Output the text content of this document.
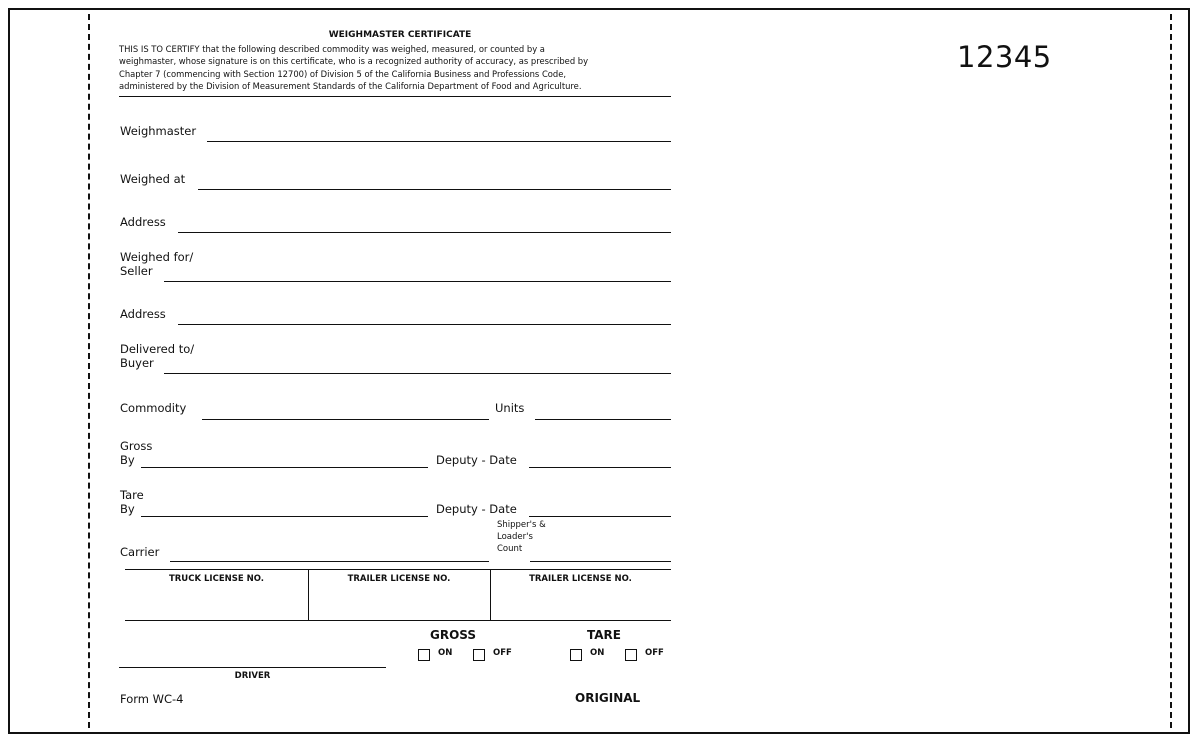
WEIGHMASTER CERTIFICATE
THIS IS TO CERTIFY that the following described commodity was weighed, measured, or counted by a
weighmaster, whose signature is on this certificate, who is a recognized authority of accuracy, as prescribed by
Chapter 7 (commencing with Section 12700) of Division 5 of the California Business and Professions Code,
administered by the Division of Measurement Standards of the California Department of Food and Agriculture.
12345
Weighmaster
Weighed at
Address
Weighed for/
Seller
Address
Delivered to/
Buyer
Commodity	Units
Gross
By	Deputy - Date
Tare
By	Deputy - Date
Shipper's &
Loader's
Count
Carrier
TRUCK LICENSE NO.	TRAILER LICENSE NO.	TRAILER LICENSE NO.
DRIVER
GROSS
ON	OFF
TARE
ON	OFF
Form WC-4	ORIGINAL
